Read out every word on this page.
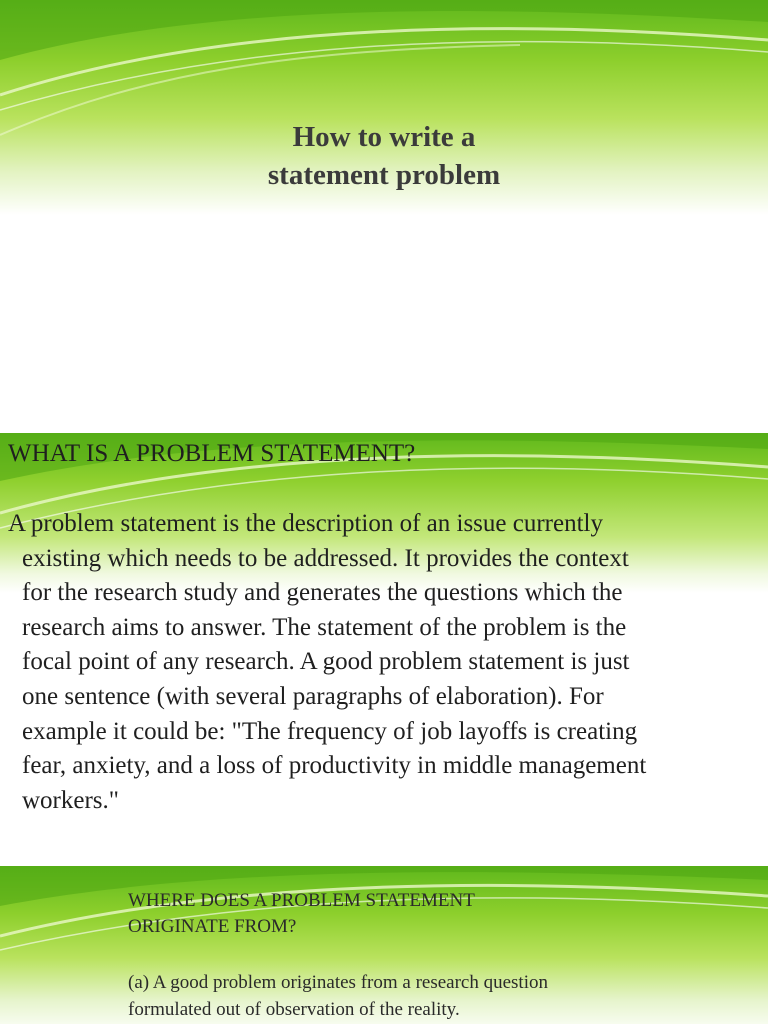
How to write a
statement problem
WHAT IS A PROBLEM STATEMENT?
A problem statement is the description of an issue currently
existing which needs to be addressed. It provides the context
for the research study and generates the questions which the
research aims to answer. The statement of the problem is the
focal point of any research. A good problem statement is just
one sentence (with several paragraphs of elaboration). For
example it could be: "The frequency of job layoffs is creating
fear, anxiety, and a loss of productivity in middle management
workers."
WHERE DOES A PROBLEM STATEMENT
ORIGINATE FROM?
(a) A good problem originates from a research question
formulated out of observation of the reality.
